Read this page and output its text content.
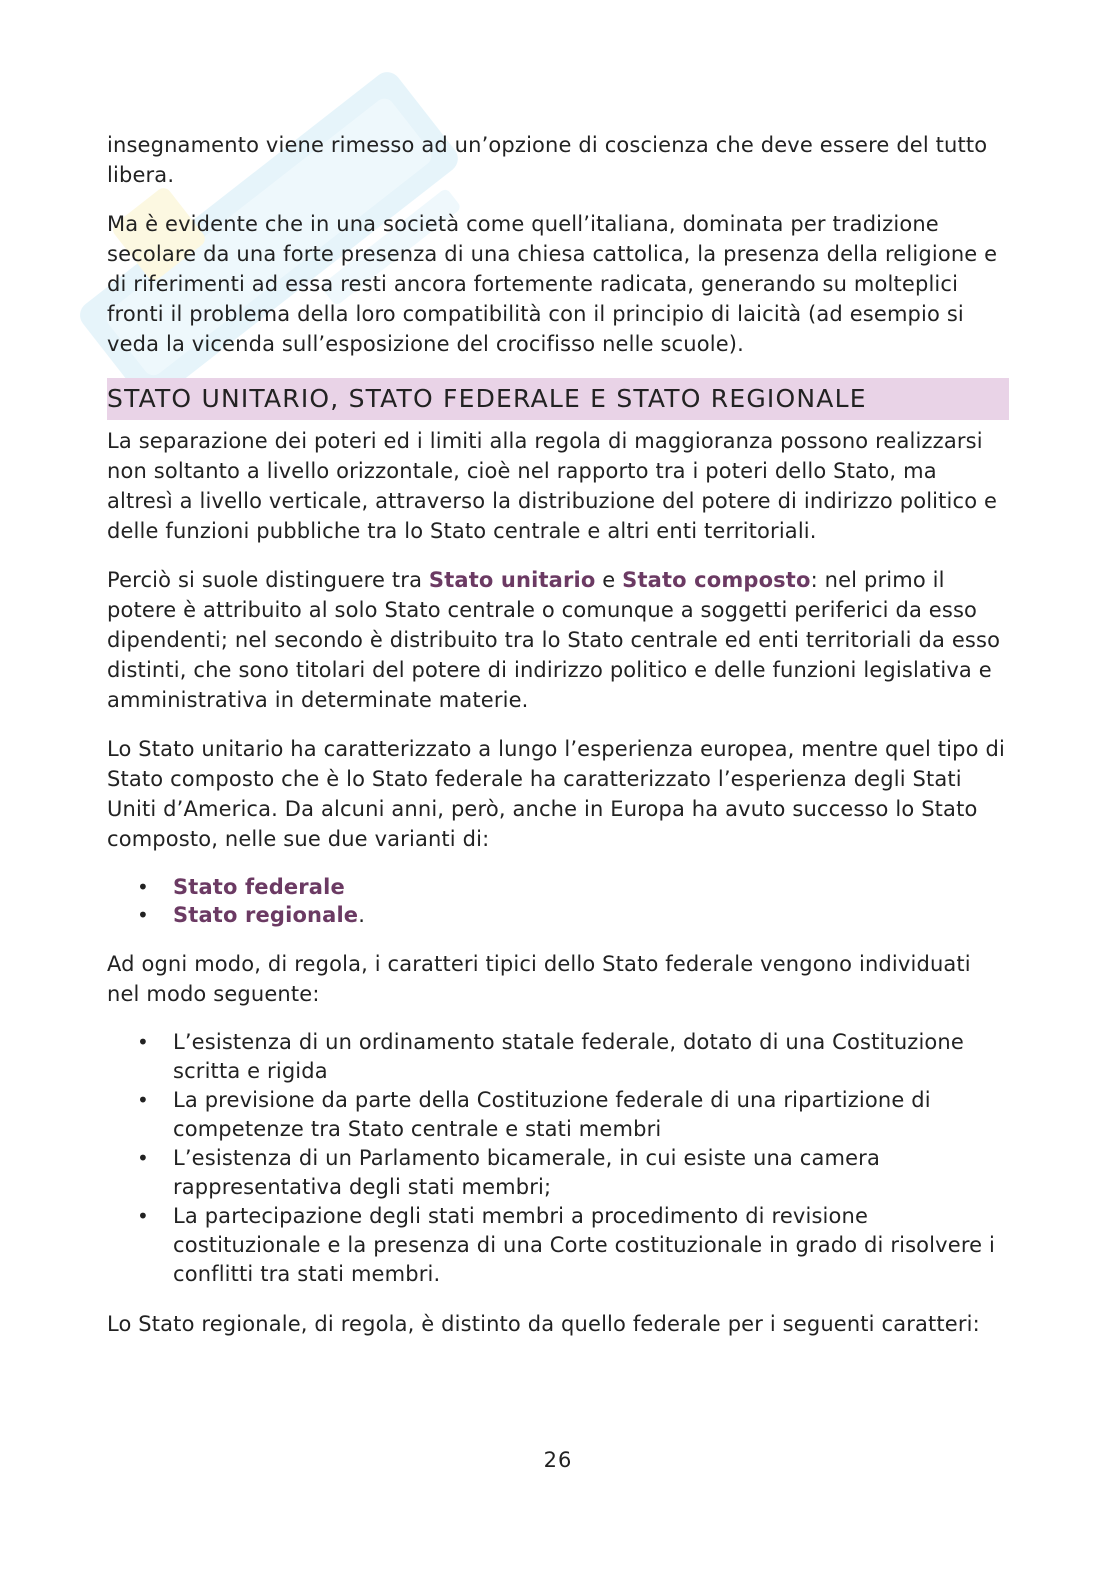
insegnamento viene rimesso ad un’opzione di coscienza che deve essere del tutto libera.

Ma è evidente che in una società come quell’italiana, dominata per tradizione secolare da una forte presenza di una chiesa cattolica, la presenza della religione e di riferimenti ad essa resti ancora fortemente radicata, generando su molteplici fronti il problema della loro compatibilità con il principio di laicità (ad esempio si veda la vicenda sull’esposizione del crocifisso nelle scuole).

STATO UNITARIO, STATO FEDERALE E STATO REGIONALE

La separazione dei poteri ed i limiti alla regola di maggioranza possono realizzarsi non soltanto a livello orizzontale, cioè nel rapporto tra i poteri dello Stato, ma altresì a livello verticale, attraverso la distribuzione del potere di indirizzo politico e delle funzioni pubbliche tra lo Stato centrale e altri enti territoriali.

Perciò si suole distinguere tra Stato unitario e Stato composto: nel primo il potere è attribuito al solo Stato centrale o comunque a soggetti periferici da esso dipendenti; nel secondo è distribuito tra lo Stato centrale ed enti territoriali da esso distinti, che sono titolari del potere di indirizzo politico e delle funzioni legislativa e amministrativa in determinate materie.

Lo Stato unitario ha caratterizzato a lungo l’esperienza europea, mentre quel tipo di Stato composto che è lo Stato federale ha caratterizzato l’esperienza degli Stati Uniti d’America. Da alcuni anni, però, anche in Europa ha avuto successo lo Stato composto, nelle sue due varianti di:

• Stato federale
• Stato regionale.

Ad ogni modo, di regola, i caratteri tipici dello Stato federale vengono individuati nel modo seguente:

• L’esistenza di un ordinamento statale federale, dotato di una Costituzione scritta e rigida
• La previsione da parte della Costituzione federale di una ripartizione di competenze tra Stato centrale e stati membri
• L’esistenza di un Parlamento bicamerale, in cui esiste una camera rappresentativa degli stati membri;
• La partecipazione degli stati membri a procedimento di revisione costituzionale e la presenza di una Corte costituzionale in grado di risolvere i conflitti tra stati membri.

Lo Stato regionale, di regola, è distinto da quello federale per i seguenti caratteri:

26
